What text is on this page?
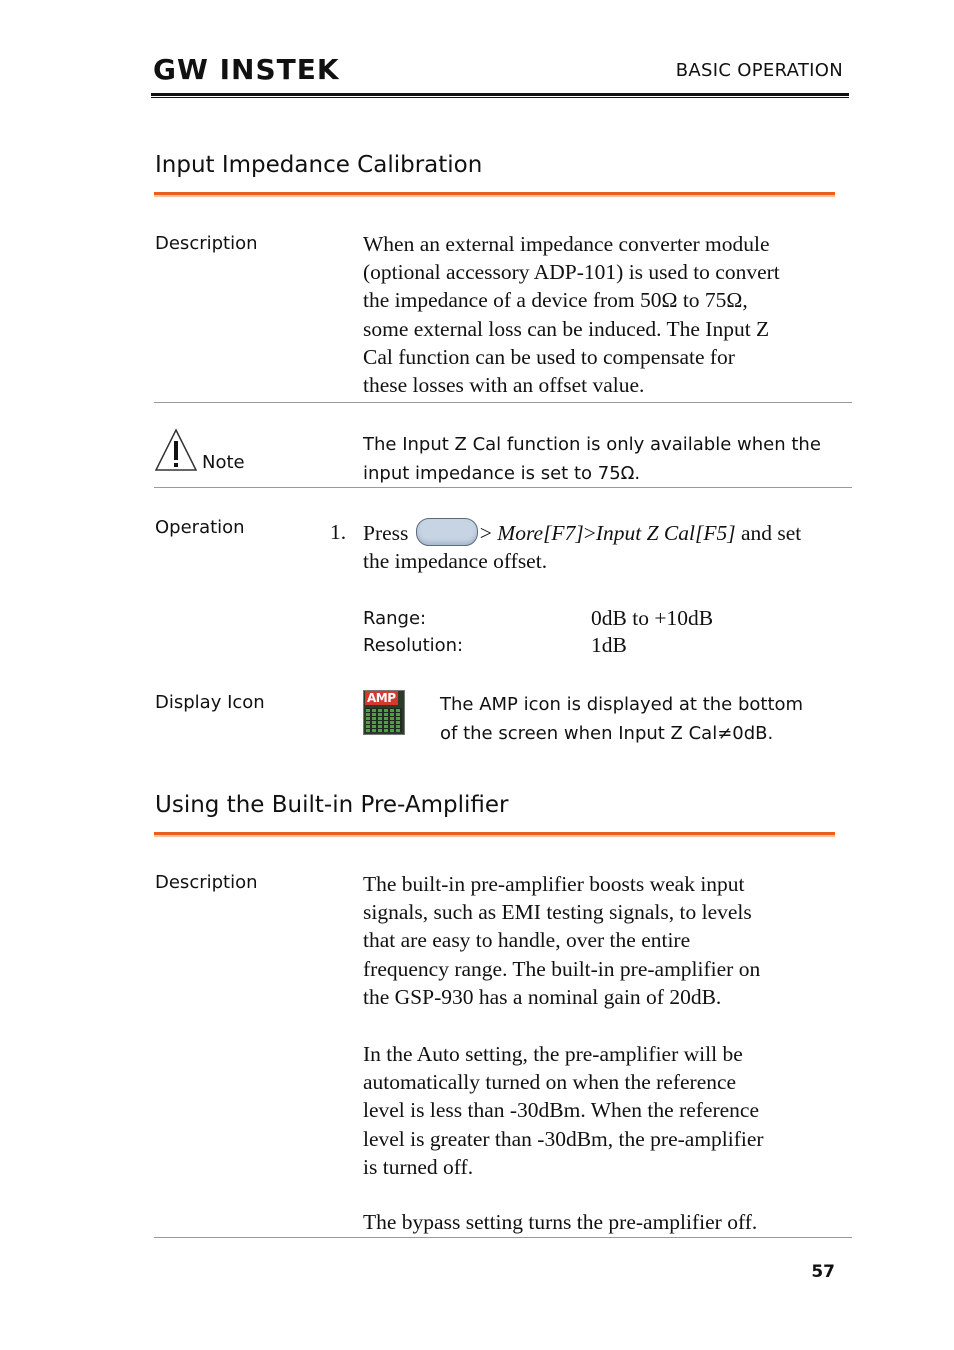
GW INSTEK	BASIC OPERATION
Input Impedance Calibration
Description	When an external impedance converter module
(optional accessory ADP-101) is used to convert
the impedance of a device from 50Ω to 75Ω,
some external loss can be induced. The Input Z
Cal function can be used to compensate for
these losses with an offset value.
Note
The Input Z Cal function is only available when the
input impedance is set to 75Ω.
Operation	1. Press	> More[F7]>Input Z Cal[F5] and set
the impedance offset.
Range:	0dB to +10dB
Resolution:	1dB
Display Icon	AMP The AMP icon is displayed at the bottom
of the screen when Input Z Cal≠0dB.
Using the Built-in Pre-Amplifier
Description	The built-in pre-amplifier boosts weak input
signals, such as EMI testing signals, to levels
that are easy to handle, over the entire
frequency range. The built-in pre-amplifier on
the GSP-930 has a nominal gain of 20dB.
In the Auto setting, the pre-amplifier will be
automatically turned on when the reference
level is less than -30dBm. When the reference
level is greater than -30dBm, the pre-amplifier
is turned off.
The bypass setting turns the pre-amplifier off.
57
